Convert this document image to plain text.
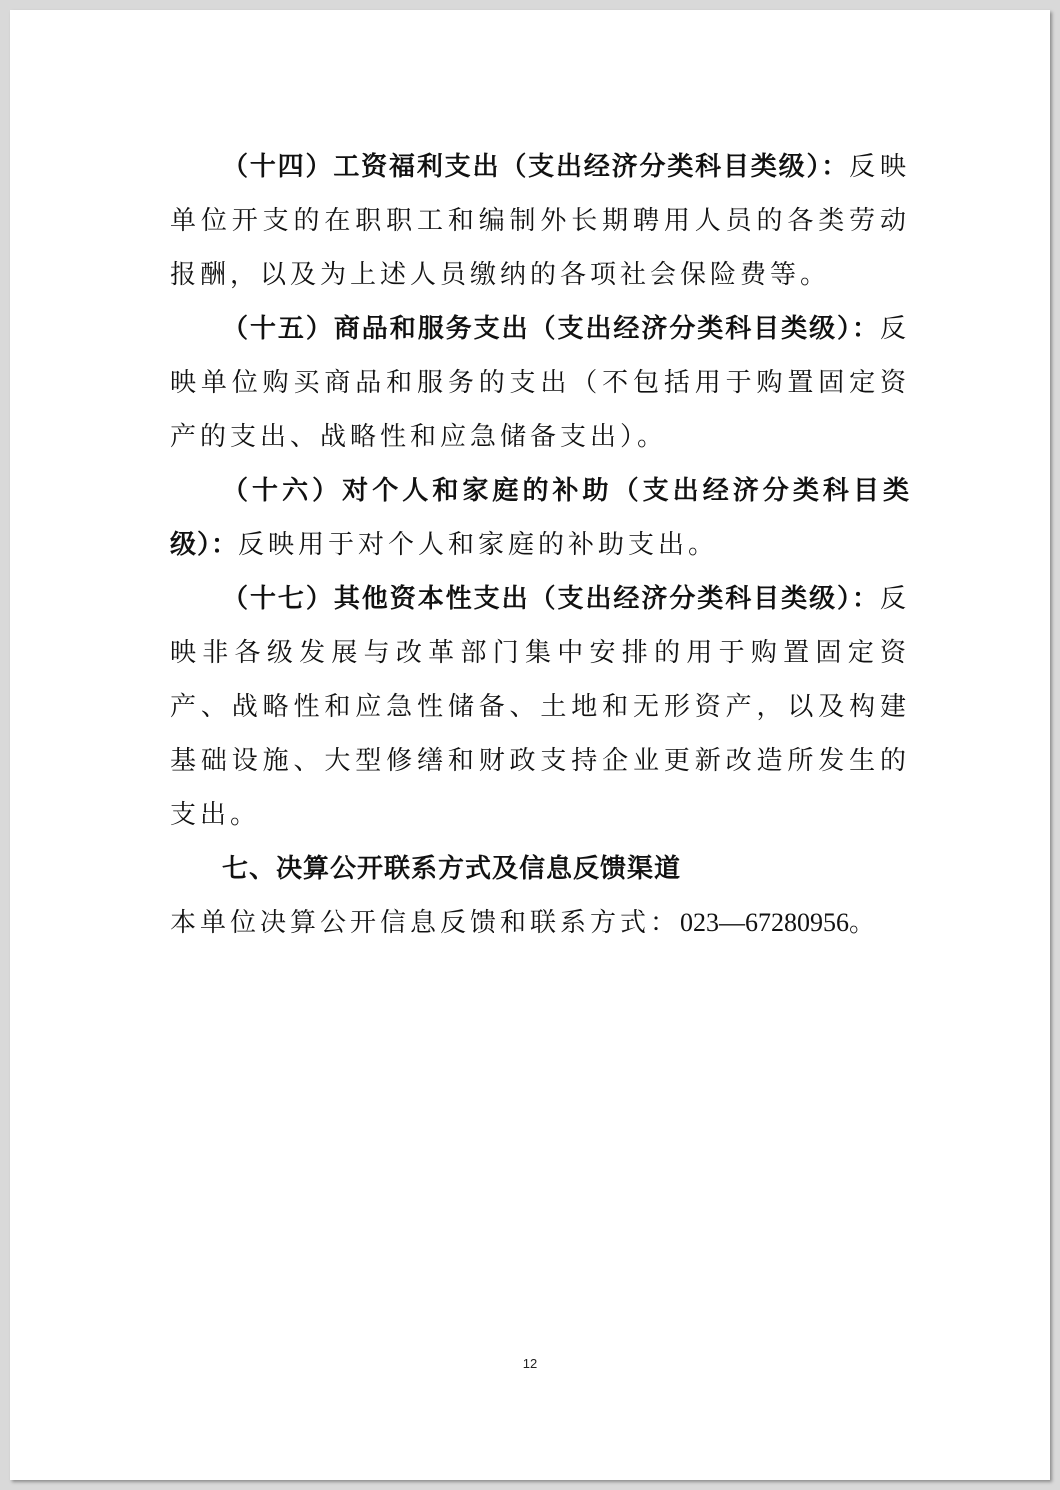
（十四）工资福利支出（支出经济分类科目类级）：反映单位开支的在职职工和编制外长期聘用人员的各类劳动报酬，以及为上述人员缴纳的各项社会保险费等。

（十五）商品和服务支出（支出经济分类科目类级）：反映单位购买商品和服务的支出（不包括用于购置固定资产的支出、战略性和应急储备支出）。

（十六）对个人和家庭的补助（支出经济分类科目类级）：反映用于对个人和家庭的补助支出。

（十七）其他资本性支出（支出经济分类科目类级）：反映非各级发展与改革部门集中安排的用于购置固定资产、战略性和应急性储备、土地和无形资产，以及构建基础设施、大型修缮和财政支持企业更新改造所发生的支出。

七、决算公开联系方式及信息反馈渠道

本单位决算公开信息反馈和联系方式：023—67280956。

12
